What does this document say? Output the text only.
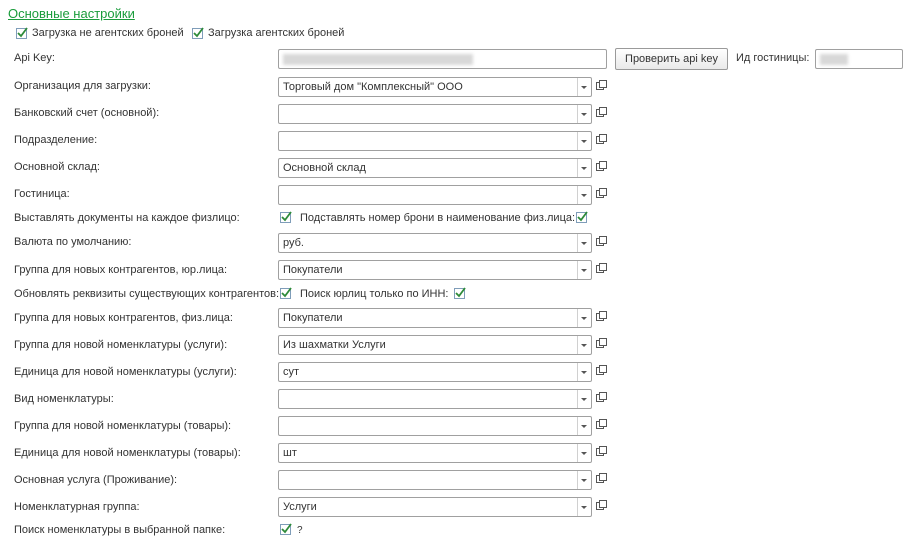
Основные настройки
Загрузка не агентских броней Загрузка агентских броней
Api Key:	Проверить api key	Ид гостиницы:
Организация для загрузки:	Торговый дом "Комплексный" ООО
Банковский счет (основной):
Подразделение:
Основной склад:	Основной склад
Гостиница:
Выставлять документы на каждое физлицо:	Подставлять номер брони в наименование физ.лица:
Валюта по умолчанию:	руб.
Группа для новых контрагентов, юр.лица:	Покупатели
Обновлять реквизиты существующих контрагентов: Поиск юрлиц только по ИНН:
Группа для новых контрагентов, физ.лица:	Покупатели
Группа для новой номенклатуры (услуги):	Из шахматки Услуги
Единица для новой номенклатуры (услуги):	сут
Вид номенклатуры:
Группа для новой номенклатуры (товары):
Единица для новой номенклатуры (товары):	шт
Основная услуга (Проживание):
Номенклатурная группа:	Услуги
Поиск номенклатуры в выбранной папке:	?
